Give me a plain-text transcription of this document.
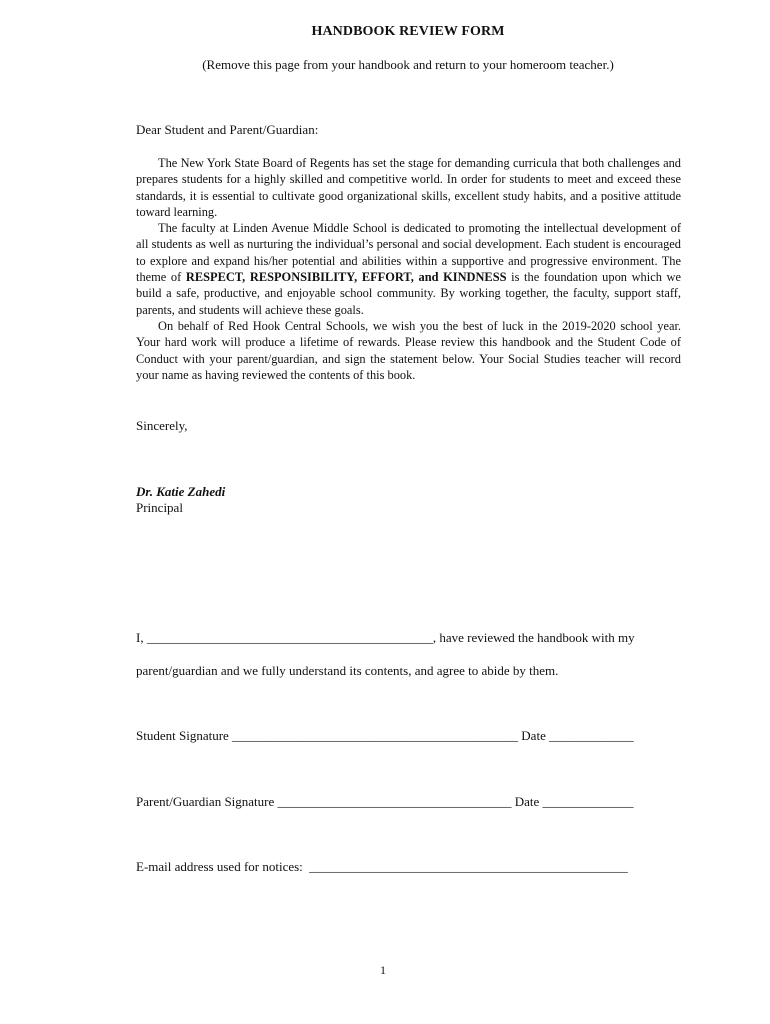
HANDBOOK REVIEW FORM
(Remove this page from your handbook and return to your homeroom teacher.)
Dear Student and Parent/Guardian:

The New York State Board of Regents has set the stage for demanding curricula that both challenges and prepares students for a highly skilled and competitive world. In order for students to meet and exceed these standards, it is essential to cultivate good organizational skills, excellent study habits, and a positive attitude toward learning.

The faculty at Linden Avenue Middle School is dedicated to promoting the intellectual development of all students as well as nurturing the individual’s personal and social development. Each student is encouraged to explore and expand his/her potential and abilities within a supportive and progressive environment. The theme of RESPECT, RESPONSIBILITY, EFFORT, and KINDNESS is the foundation upon which we build a safe, productive, and enjoyable school community. By working together, the faculty, support staff, parents, and students will achieve these goals.

On behalf of Red Hook Central Schools, we wish you the best of luck in the 2019-2020 school year. Your hard work will produce a lifetime of rewards. Please review this handbook and the Student Code of Conduct with your parent/guardian, and sign the statement below. Your Social Studies teacher will record your name as having reviewed the contents of this book.

Sincerely,
Dr. Katie Zahedi
Principal
I, ____________________________________________, have reviewed the handbook with my
parent/guardian and we fully understand its contents, and agree to abide by them.
Student Signature ____________________________________________ Date _____________
Parent/Guardian Signature ____________________________________ Date ______________
E-mail address used for notices:  _________________________________________________
1
